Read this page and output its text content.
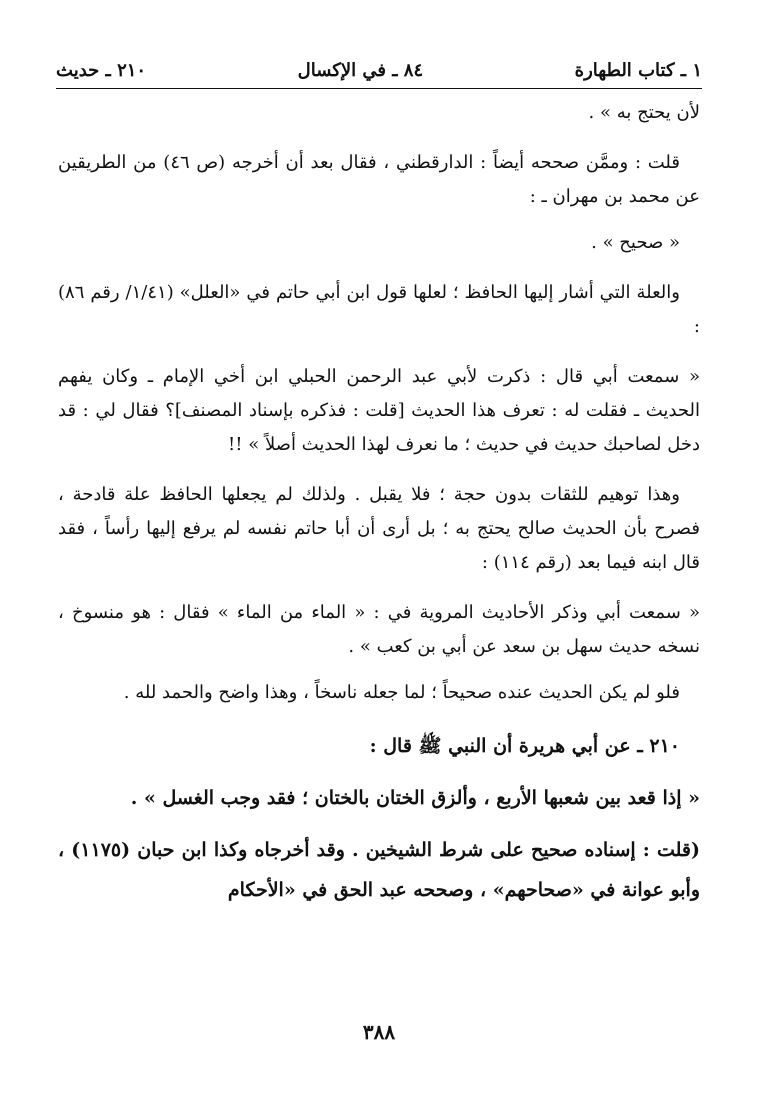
١ ـ كتاب الطهارة
٨٤ ـ في الإكسال
٢١٠ ـ حديث

لأن يحتج به » .

قلت : وممَّن صححه أيضاً : الدارقطني ، فقال بعد أن أخرجه (ص ٤٦) من الطريقين عن محمد بن مهران ـ :

« صحيح » .

والعلة التي أشار إليها الحافظ ؛ لعلها قول ابن أبي حاتم في «العلل» (١/٤١/ رقم ٨٦) :

« سمعت أبي قال : ذكرت لأبي عبد الرحمن الحبلي ابن أخي الإمام ـ وكان يفهم الحديث ـ فقلت له : تعرف هذا الحديث [قلت : فذكره بإسناد المصنف]؟ فقال لي : قد دخل لصاحبك حديث في حديث ؛ ما نعرف لهذا الحديث أصلاً » !!

وهذا توهيم للثقات بدون حجة ؛ فلا يقبل . ولذلك لم يجعلها الحافظ علة قادحة ، فصرح بأن الحديث صالح يحتج به ؛ بل أرى أن أبا حاتم نفسه لم يرفع إليها رأساً ، فقد قال ابنه فيما بعد (رقم ١١٤) :

« سمعت أبي وذكر الأحاديث المروية في : « الماء من الماء » فقال : هو منسوخ ، نسخه حديث سهل بن سعد عن أبي بن كعب » .

فلو لم يكن الحديث عنده صحيحاً ؛ لما جعله ناسخاً ، وهذا واضح والحمد لله .

٢١٠ ـ عن أبي هريرة أن النبي ﷺ قال :

« إذا قعد بين شعبها الأربع ، وألزق الختان بالختان ؛ فقد وجب الغسل » .

(قلت : إسناده صحيح على شرط الشيخين . وقد أخرجاه وكذا ابن حبان (١١٧٥) ، وأبو عوانة في «صحاحهم» ، وصححه عبد الحق في «الأحكام

٣٨٨
